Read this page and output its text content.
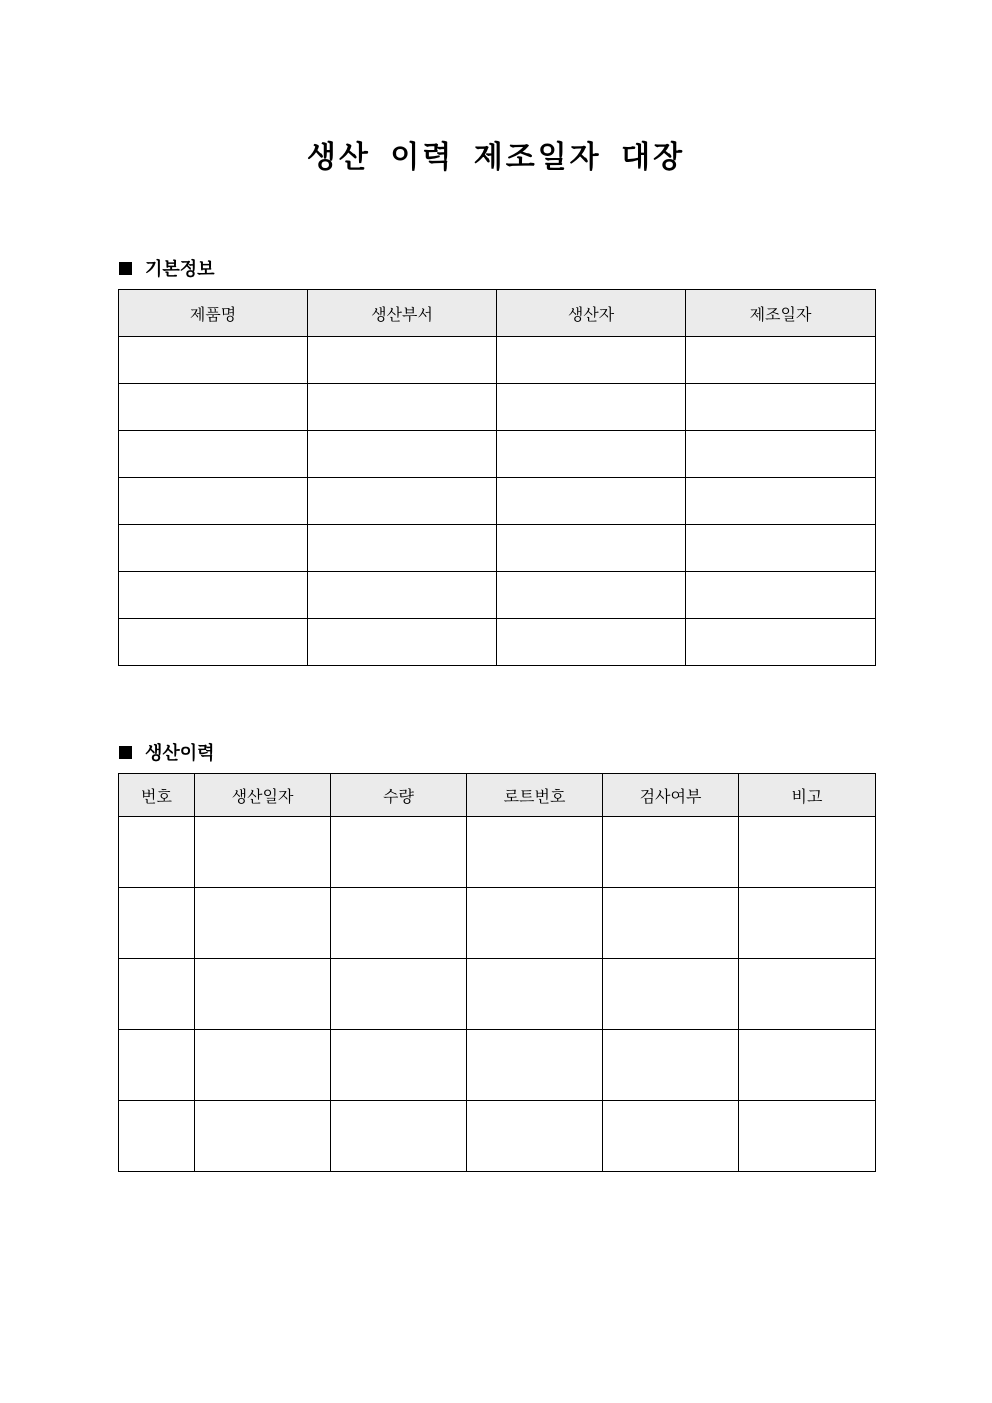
생산 이력 제조일자 대장
기본정보
제품명	생산부서	생산자	제조일자

생산이력
번호	생산일자	수량	로트번호	검사여부	비고
